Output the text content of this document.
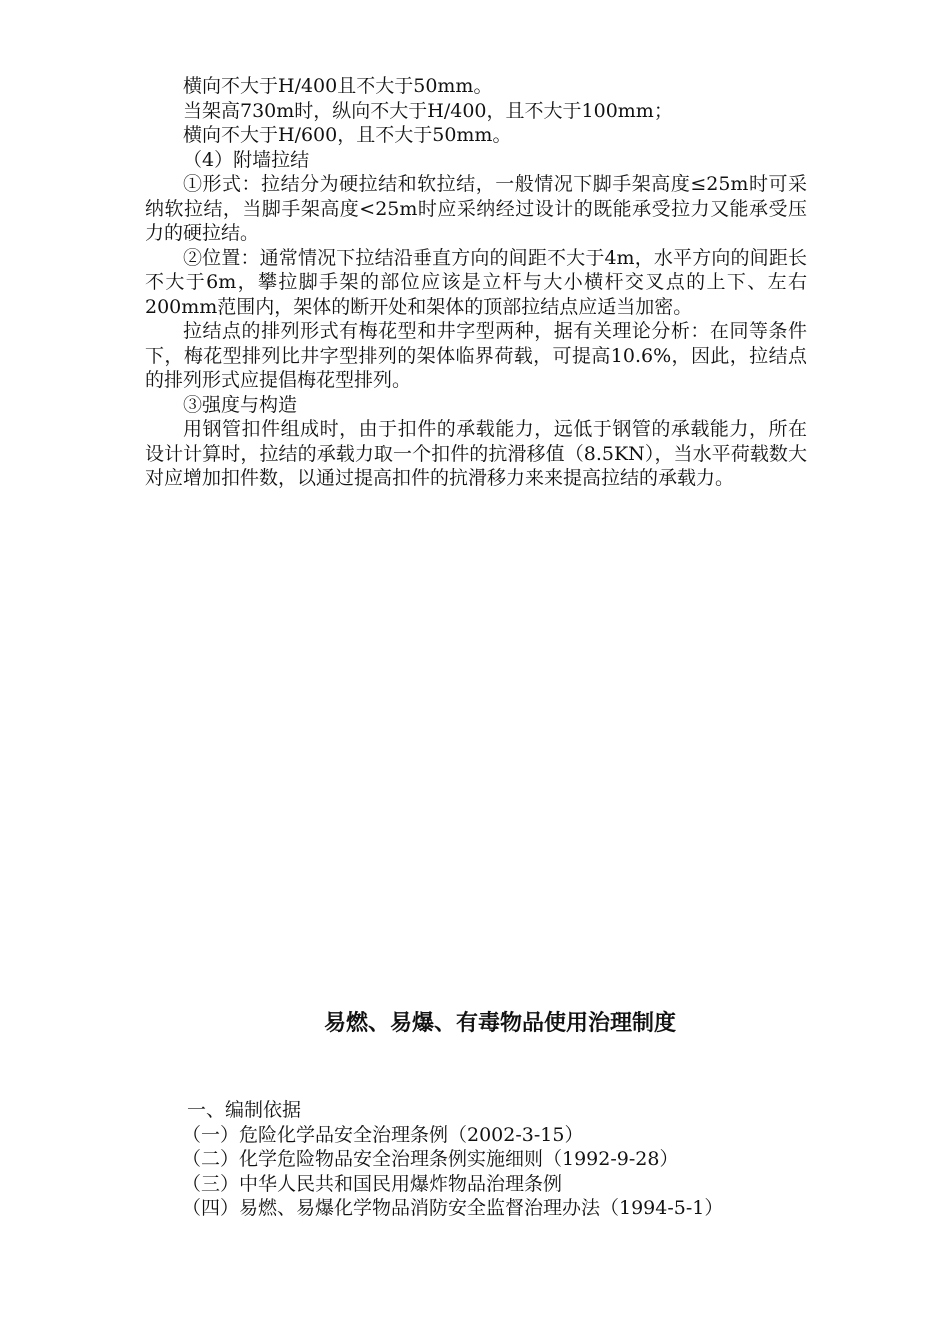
横向不大于H/400且不大于50mm。

当架高730m时，纵向不大于H/400，且不大于100mm；

横向不大于H/600，且不大于50mm。

（4）附墙拉结

①形式：拉结分为硬拉结和软拉结，一般情况下脚手架高度≤25m时可采纳软拉结，当脚手架高度<25m时应采纳经过设计的既能承受拉力又能承受压力的硬拉结。

②位置：通常情况下拉结沿垂直方向的间距不大于4m，水平方向的间距长不大于6m，攀拉脚手架的部位应该是立杆与大小横杆交叉点的上下、左右200mm范围内，架体的断开处和架体的顶部拉结点应适当加密。

拉结点的排列形式有梅花型和井字型两种，据有关理论分析：在同等条件下，梅花型排列比井字型排列的架体临界荷载，可提高10.6%，因此，拉结点的排列形式应提倡梅花型排列。

③强度与构造

用钢管扣件组成时，由于扣件的承载能力，远低于钢管的承载能力，所在设计计算时，拉结的承载力取一个扣件的抗滑移值（8.5KN），当水平荷载数大对应增加扣件数，以通过提高扣件的抗滑移力来来提高拉结的承载力。

易燃、易爆、有毒物品使用治理制度

一、编制依据

（一）危险化学品安全治理条例（2002-3-15）

（二）化学危险物品安全治理条例实施细则（1992-9-28）

（三）中华人民共和国民用爆炸物品治理条例

（四）易燃、易爆化学物品消防安全监督治理办法（1994-5-1）
